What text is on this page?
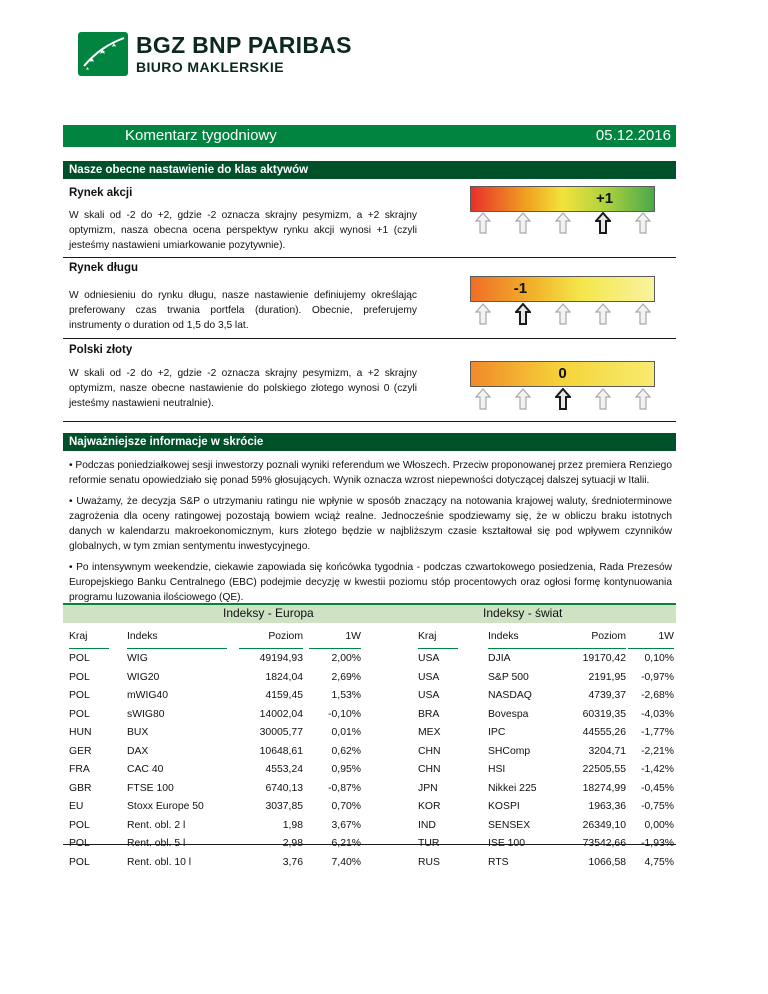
BGZ BNP PARIBAS
BIURO MAKLERSKIE
Komentarz tygodniowy	05.12.2016
Nasze obecne nastawienie do klas aktywów
Rynek akcji
W skali od -2 do +2, gdzie -2 oznacza skrajny pesymizm, a +2 skrajny optymizm, nasza obecna ocena perspektyw rynku akcji wynosi +1 (czyli jesteśmy nastawieni umiarkowanie pozytywnie).
+1
Rynek długu
W odniesieniu do rynku długu, nasze nastawienie definiujemy określając preferowany czas trwania portfela (duration). Obecnie, preferujemy instrumenty o duration od 1,5 do 3,5 lat.
-1
Polski złoty
W skali od -2 do +2, gdzie -2 oznacza skrajny pesymizm, a +2 skrajny optymizm, nasze obecne nastawienie do polskiego złotego wynosi 0 (czyli jesteśmy nastawieni neutralnie).
0
Najważniejsze informacje w skrócie

• Podczas poniedziałkowej sesji inwestorzy poznali wyniki referendum we Włoszech. Przeciw proponowanej przez premiera Renziego reformie senatu opowiedziało się ponad 59% głosujących. Wynik oznacza wzrost niepewności dotyczącej dalszej sytuacji w Italii.

• Uważamy, że decyzja S&P o utrzymaniu ratingu nie wpłynie w sposób znaczący na notowania krajowej waluty, średnioterminowe zagrożenia dla oceny ratingowej pozostają bowiem wciąż realne. Jednocześnie spodziewamy się, że w obliczu braku istotnych danych w kalendarzu makroekonomicznym, kurs złotego będzie w najbliższym czasie kształtował się pod wpływem czynników globalnych, w tym zmian sentymentu inwestycyjnego.

• Po intensywnym weekendzie, ciekawie zapowiada się końcówka tygodnia - podczas czwartokowego posiedzenia, Rada Prezesów Europejskiego Banku Centralnego (EBC) podejmie decyzję w kwestii poziomu stóp procentowych oraz ogłosi formę kontynuowania programu luzowania ilościowego (QE).

Indeksy - Europa	Indeksy - świat
Kraj	Indeks	Poziom	1W
POL	WIG	49194,93	2,00%
POL	WIG20	1824,04	2,69%
POL	mWIG40	4159,45	1,53%
POL	sWIG80	14002,04	-0,10%
HUN	BUX	30005,77	0,01%
GER	DAX	10648,61	0,62%
FRA	CAC 40	4553,24	0,95%
GBR	FTSE 100	6740,13	-0,87%
EU	Stoxx Europe 50	3037,85	0,70%
POL	Rent. obl. 2 l	1,98	3,67%
POL	Rent. obl. 5 l	2,98	6,21%
POL	Rent. obl. 10 l	3,76	7,40%
Kraj	Indeks	Poziom	1W
USA	DJIA	19170,42	0,10%
USA	S&P 500	2191,95	-0,97%
USA	NASDAQ	4739,37	-2,68%
BRA	Bovespa	60319,35	-4,03%
MEX	IPC	44555,26	-1,77%
CHN	SHComp	3204,71	-2,21%
CHN	HSI	22505,55	-1,42%
JPN	Nikkei 225	18274,99	-0,45%
KOR	KOSPI	1963,36	-0,75%
IND	SENSEX	26349,10	0,00%
TUR	ISE 100	73542,66	-1,93%
RUS	RTS	1066,58	4,75%
